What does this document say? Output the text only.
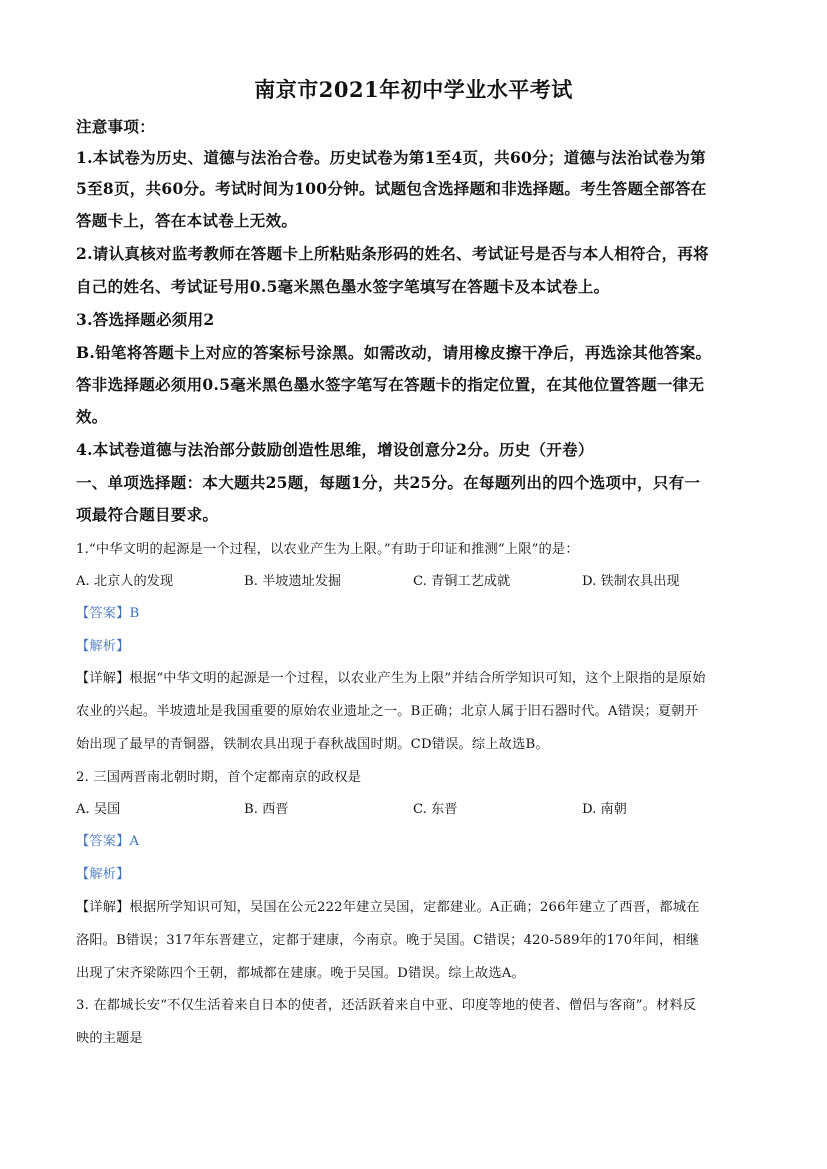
南京市2021年初中学业水平考试
注意事项：
1.本试卷为历史、道德与法治合卷。历史试卷为第1至4页，共60分；道德与法治试卷为第
5至8页，共60分。考试时间为100分钟。试题包含选择题和非选择题。考生答题全部答在
答题卡上，答在本试卷上无效。
2.请认真核对监考教师在答题卡上所粘贴条形码的姓名、考试证号是否与本人相符合，再将
自己的姓名、考试证号用0.5毫米黑色墨水签字笔填写在答题卡及本试卷上。
3.答选择题必须用2
B.铅笔将答题卡上对应的答案标号涂黑。如需改动，请用橡皮擦干净后，再选涂其他答案。
答非选择题必须用0.5毫米黑色墨水签字笔写在答题卡的指定位置，在其他位置答题一律无
效。
4.本试卷道德与法治部分鼓励创造性思维，增设创意分2分。历史（开卷）
一、单项选择题：本大题共25题，每题1分，共25分。在每题列出的四个选项中，只有一
项最符合题目要求。
1.“中华文明的起源是一个过程，以农业产生为上限。”有助于印证和推测“上限”的是：
A. 北京人的发现	B. 半坡遗址发掘	C. 青铜工艺成就	D. 铁制农具出现
【答案】B
【解析】
【详解】根据“中华文明的起源是一个过程，以农业产生为上限”并结合所学知识可知，这个上限指的是原始
农业的兴起。半坡遗址是我国重要的原始农业遗址之一。B正确；北京人属于旧石器时代。A错误；夏朝开
始出现了最早的青铜器，铁制农具出现于春秋战国时期。CD错误。综上故选B。
2. 三国两晋南北朝时期，首个定都南京的政权是
A. 吴国	B. 西晋	C. 东晋	D. 南朝
【答案】A
【解析】
【详解】根据所学知识可知，吴国在公元222年建立吴国，定都建业。A正确；266年建立了西晋，都城在
洛阳。B错误；317年东晋建立，定都于建康，今南京。晚于吴国。C错误；420-589年的170年间，相继
出现了宋齐梁陈四个王朝，都城都在建康。晚于吴国。D错误。综上故选A。
3. 在都城长安“不仅生活着来自日本的使者，还活跃着来自中亚、印度等地的使者、僧侣与客商”。材料反
映的主题是
